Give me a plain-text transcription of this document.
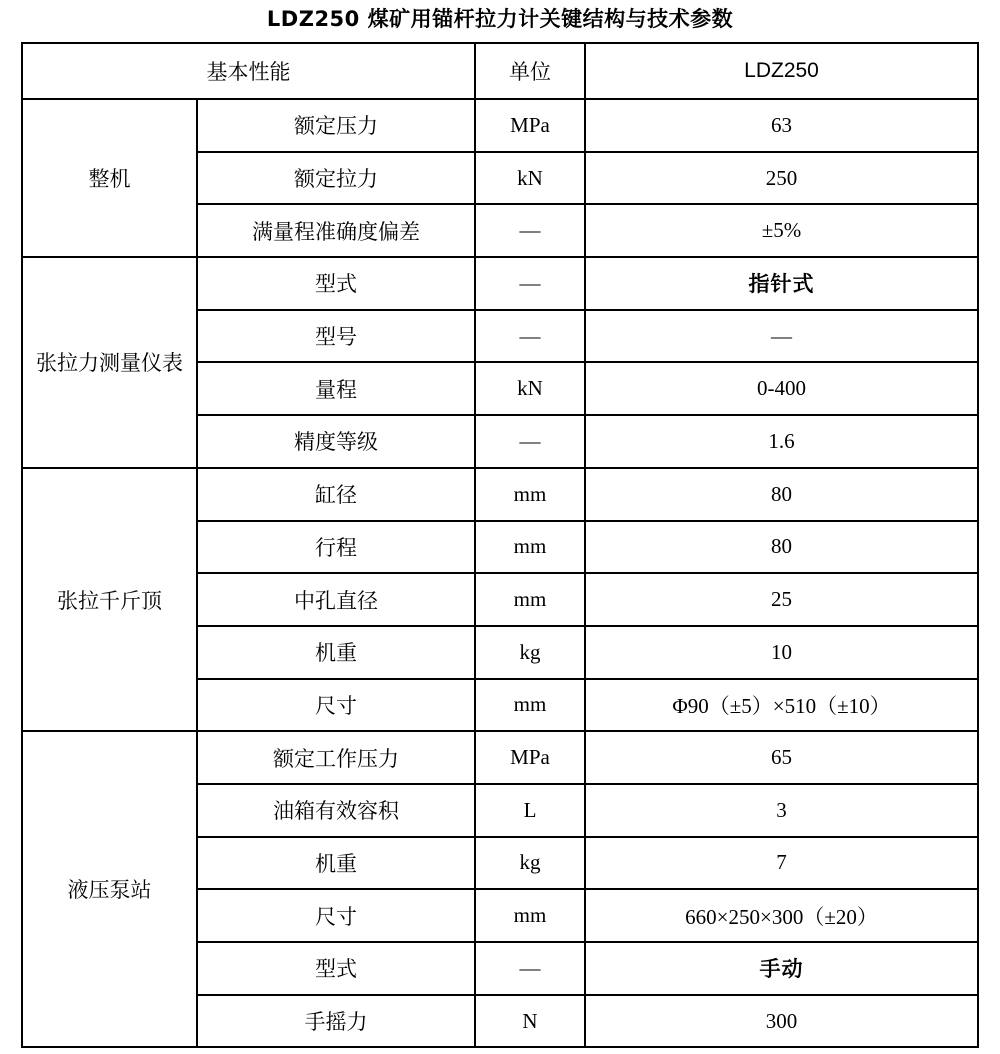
LDZ250 煤矿用锚杆拉力计关键结构与技术参数
基本性能		单位	LDZ250
整机	额定压力	MPa	63
	额定拉力	kN	250
	满量程准确度偏差	—	±5%
张拉力测量仪表	型式	—	指针式
	型号	—	—
	量程	kN	0-400
	精度等级	—	1.6
张拉千斤顶	缸径	mm	80
	行程	mm	80
	中孔直径	mm	25
	机重	kg	10
	尺寸	mm	Φ90（±5）×510（±10）
液压泵站	额定工作压力	MPa	65
	油箱有效容积	L	3
	机重	kg	7
	尺寸	mm	660×250×300（±20）
	型式	—	手动
	手摇力	N	300
